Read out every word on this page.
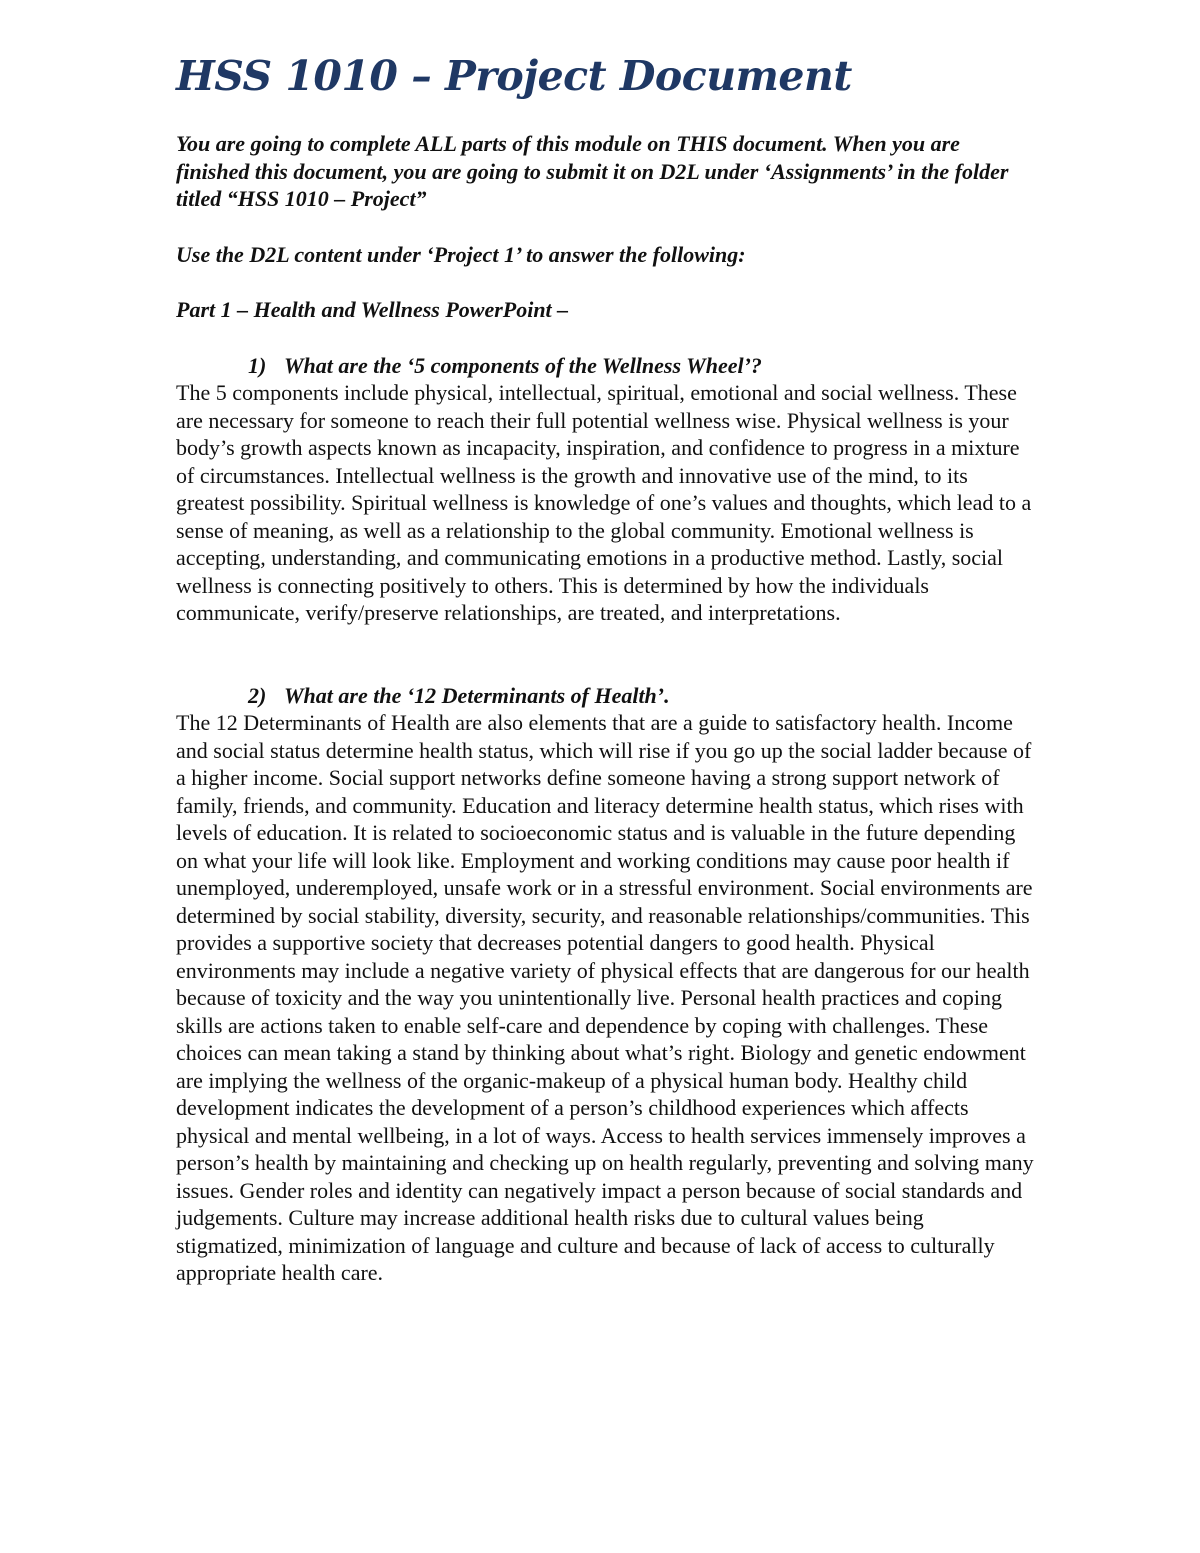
HSS 1010 – Project Document

You are going to complete ALL parts of this module on THIS document. When you are finished this document, you are going to submit it on D2L under ‘Assignments’ in the folder titled “HSS 1010 – Project”

Use the D2L content under ‘Project 1’ to answer the following:

Part 1 – Health and Wellness PowerPoint –

1) What are the ‘5 components of the Wellness Wheel’?

The 5 components include physical, intellectual, spiritual, emotional and social wellness. These are necessary for someone to reach their full potential wellness wise. Physical wellness is your body’s growth aspects known as incapacity, inspiration, and confidence to progress in a mixture of circumstances. Intellectual wellness is the growth and innovative use of the mind, to its greatest possibility. Spiritual wellness is knowledge of one’s values and thoughts, which lead to a sense of meaning, as well as a relationship to the global community. Emotional wellness is accepting, understanding, and communicating emotions in a productive method. Lastly, social wellness is connecting positively to others. This is determined by how the individuals communicate, verify/preserve relationships, are treated, and interpretations.

2) What are the ‘12 Determinants of Health’.

The 12 Determinants of Health are also elements that are a guide to satisfactory health. Income and social status determine health status, which will rise if you go up the social ladder because of a higher income. Social support networks define someone having a strong support network of family, friends, and community. Education and literacy determine health status, which rises with levels of education. It is related to socioeconomic status and is valuable in the future depending on what your life will look like. Employment and working conditions may cause poor health if unemployed, underemployed, unsafe work or in a stressful environment. Social environments are determined by social stability, diversity, security, and reasonable relationships/communities. This provides a supportive society that decreases potential dangers to good health. Physical environments may include a negative variety of physical effects that are dangerous for our health because of toxicity and the way you unintentionally live. Personal health practices and coping skills are actions taken to enable self-care and dependence by coping with challenges. These choices can mean taking a stand by thinking about what’s right. Biology and genetic endowment are implying the wellness of the organic-makeup of a physical human body. Healthy child development indicates the development of a person’s childhood experiences which affects physical and mental wellbeing, in a lot of ways. Access to health services immensely improves a person’s health by maintaining and checking up on health regularly, preventing and solving many issues. Gender roles and identity can negatively impact a person because of social standards and judgements. Culture may increase additional health risks due to cultural values being stigmatized, minimization of language and culture and because of lack of access to culturally appropriate health care.
